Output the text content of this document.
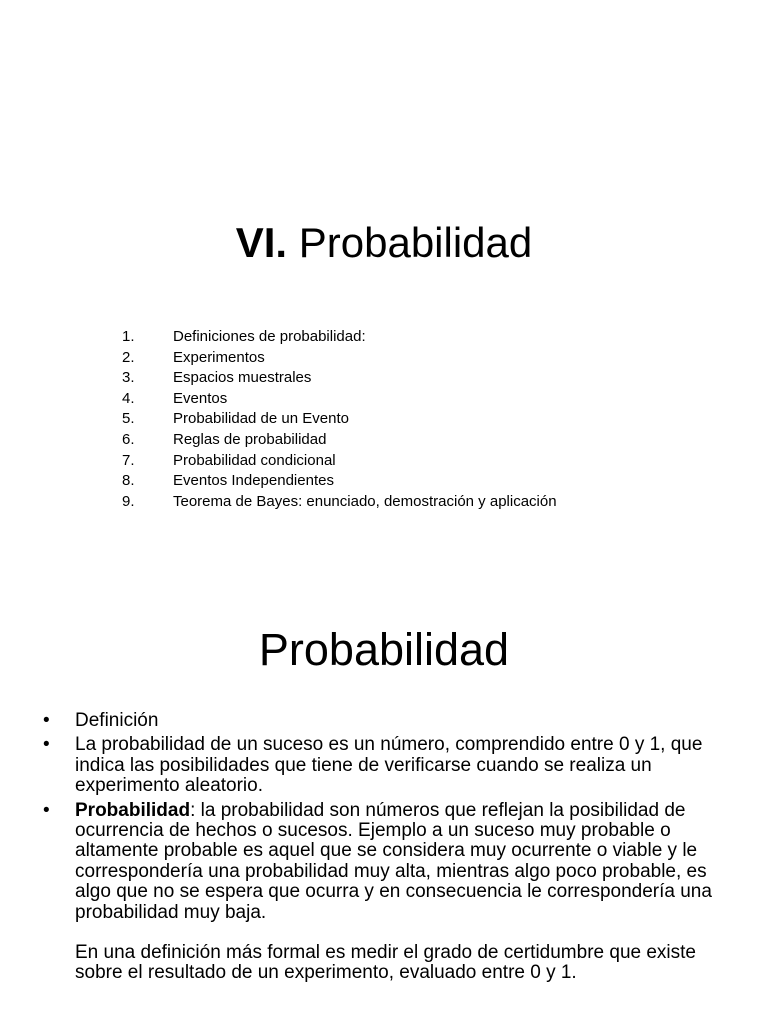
VI. Probabilidad
1.	Definiciones de probabilidad:
2.	Experimentos
3.	Espacios muestrales
4.	Eventos
5.	Probabilidad de un Evento
6.	Reglas de probabilidad
7.	Probabilidad condicional
8.	Eventos Independientes
9.	Teorema de Bayes: enunciado, demostración y aplicación
Probabilidad
• Definición
• La probabilidad de un suceso es un número, comprendido entre 0 y 1, que indica las posibilidades que tiene de verificarse cuando se realiza un experimento aleatorio.
• Probabilidad: la probabilidad son números que reflejan la posibilidad de ocurrencia de hechos o sucesos. Ejemplo a un suceso muy probable o altamente probable es aquel que se considera muy ocurrente o viable y le correspondería una probabilidad muy alta, mientras algo poco probable, es algo que no se espera que ocurra y en consecuencia le correspondería una probabilidad muy baja.
En una definición más formal es medir el grado de certidumbre que existe sobre el resultado de un experimento, evaluado entre 0 y 1.
